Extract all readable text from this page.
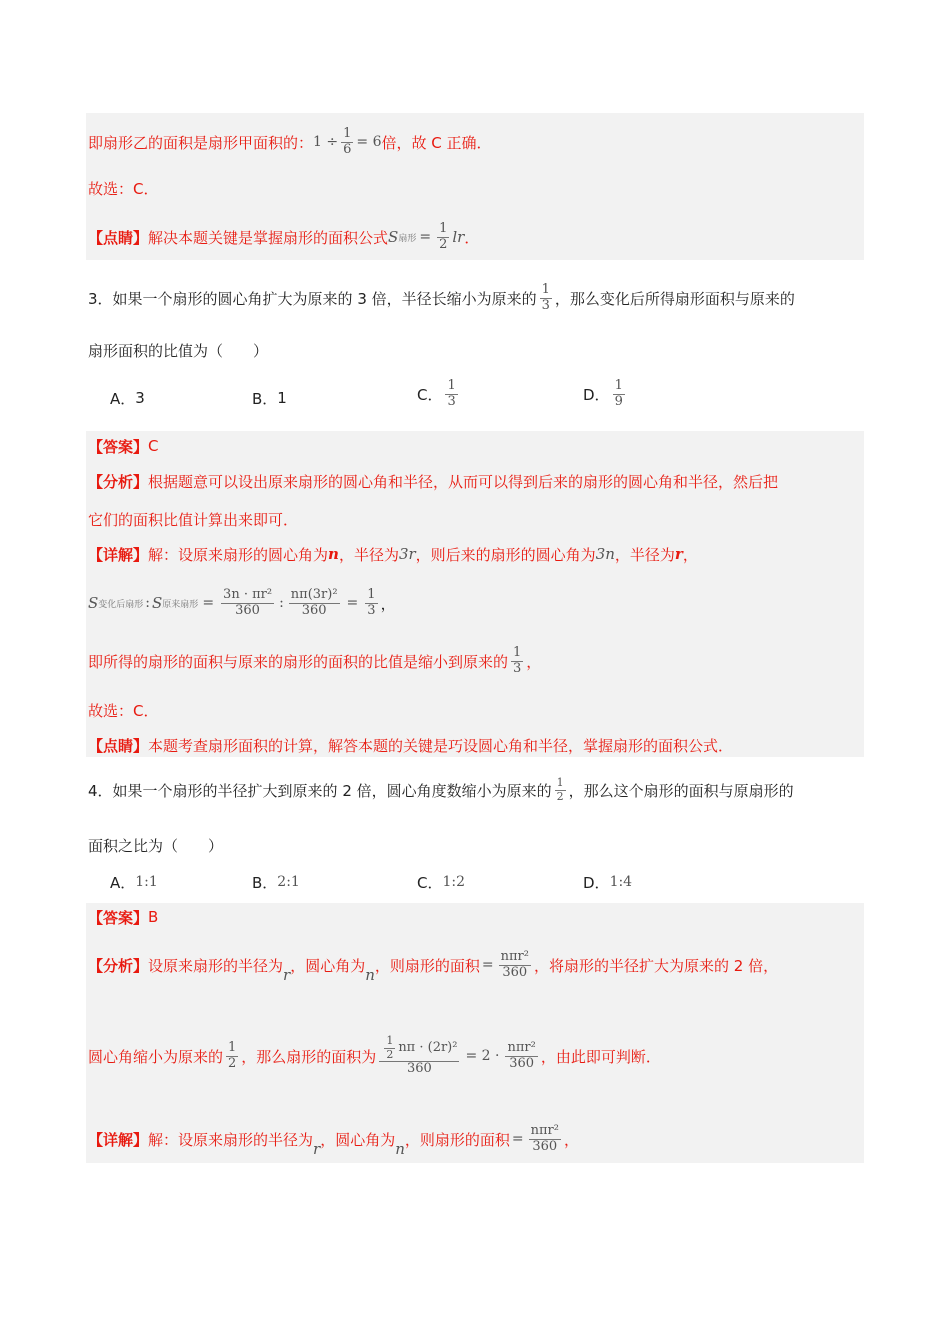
即扇形乙的面积是扇形甲面积的： $1 \div \frac{1}{6} = 6$ 倍，故 C 正确．
故选：C．
【点睛】 解决本题关键是掌握扇形的面积公式 S 扇形 = $\frac{1}{2}$ lr ．
3．如果一个扇形的圆心角扩大为原来的 3 倍，半径长缩小为原来的 $\frac{1}{3}$ ，那么变化后所得扇形面积与原来的
扇形面积的比值为（　　）
A． 3	B． 1	C． $\frac{1}{3}$	D． $\frac{1}{9}$
【答案】 C
【分析】 根据题意可以设出原来扇形的圆心角和半径，从而可以得到后来的扇形的圆心角和半径，然后把
它们的面积比值计算出来即可．
【详解】 解：设原来扇形的圆心角为 n ，半径为 3r ，则后来的扇形的圆心角为 3n ，半径为 r ，
S 变化后扇形 : S 原来扇形 = $\frac{\text{3n · πr²}}{360}$ : $\frac{\text{nπ(3r)²}}{360} = \frac{1}{3}$ ，
即所得的扇形的面积与原来的扇形的面积的比值是缩小到原来的 $\frac{1}{3}$ ，
故选：C．
【点睛】 本题考查扇形面积的计算，解答本题的关键是巧设圆心角和半径，掌握扇形的面积公式．
4．如果一个扇形的半径扩大到原来的 2 倍，圆心角度数缩小为原来的 $\frac{1}{2}$ ，那么这个扇形的面积与原扇形的
面积之比为（　　）
A． 1:1	B． 2:1	C． 1:2	D． 1:4
【答案】 B
【分析】 设原来扇形的半径为
r
，圆心角为
n
，则扇形的面积 = $\frac{\text{nπr²}}{360}$ ，将扇形的半径扩大为原来的 2 倍，
圆心角缩小为原来的 $\frac{1}{2}$ ，那么扇形的面积为 $\frac{\frac{1}{2} n\pi \cdot (2r)^2}{360} = 2 \cdot \frac{\text{nπr²}}{360}$ ，由此即可判断．
【详解】 解：设原来扇形的半径为
r
，圆心角为
n
，则扇形的面积 = $\frac{\text{nπr²}}{360}$ ，
